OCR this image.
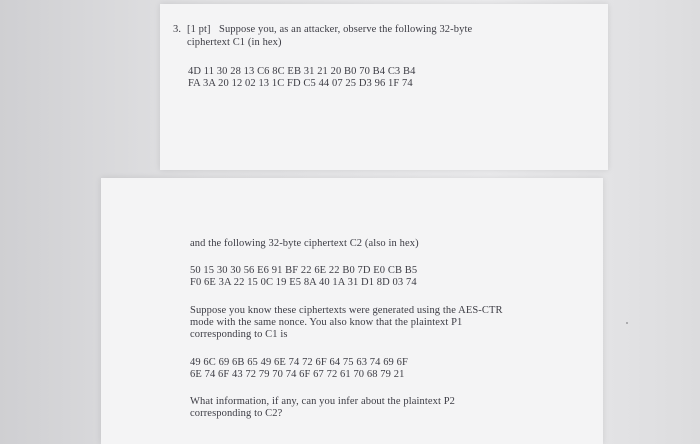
3. [1 pt] Suppose you, as an attacker, observe the following 32-byte
ciphertext C1 (in hex)
4D 11 30 28 13 C6 8C EB 31 21 20 B0 70 B4 C3 B4
FA 3A 20 12 02 13 1C FD C5 44 07 25 D3 96 1F 74
and the following 32-byte ciphertext C2 (also in hex)
50 15 30 30 56 E6 91 BF 22 6E 22 B0 7D E0 CB B5
F0 6E 3A 22 15 0C 19 E5 8A 40 1A 31 D1 8D 03 74
Suppose you know these ciphertexts were generated using the AES-CTR
mode with the same nonce. You also know that the plaintext P1
corresponding to C1 is
49 6C 69 6B 65 49 6E 74 72 6F 64 75 63 74 69 6F
6E 74 6F 43 72 79 70 74 6F 67 72 61 70 68 79 21
What information, if any, can you infer about the plaintext P2
corresponding to C2?
